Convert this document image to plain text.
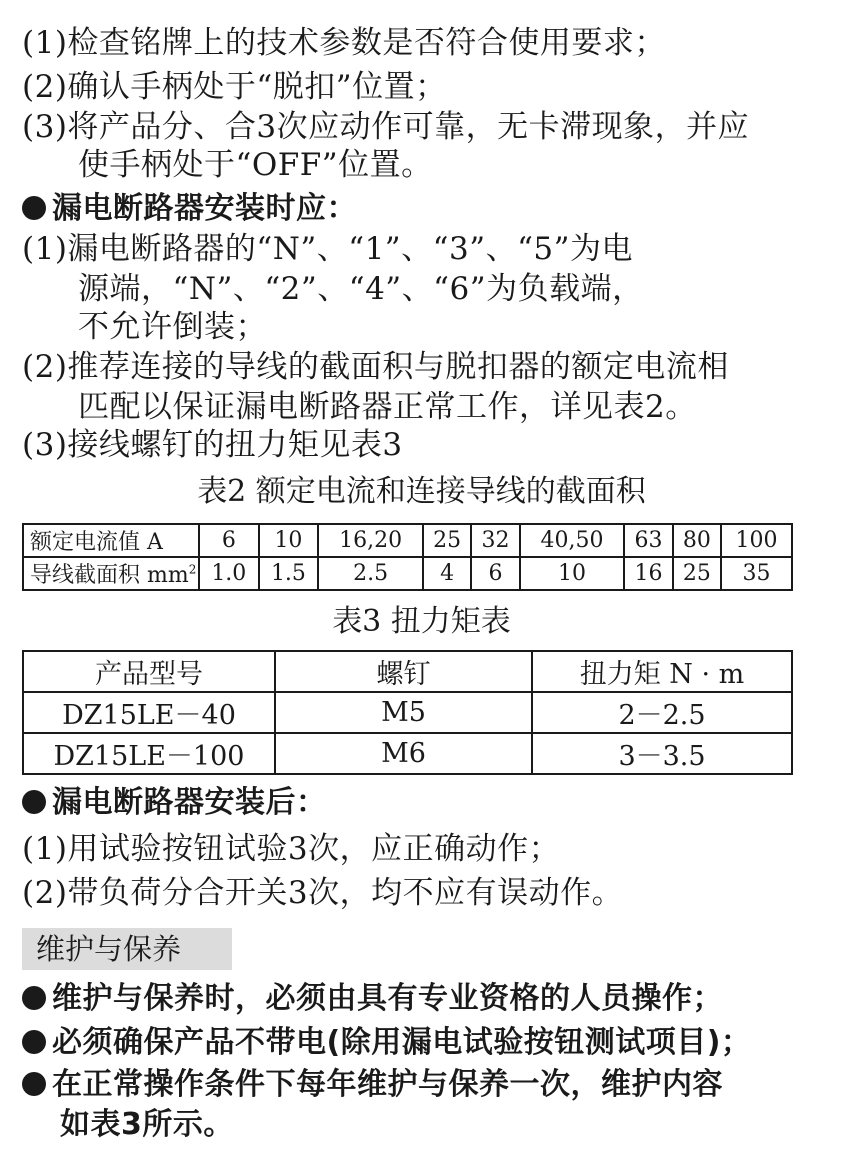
(1)检查铭牌上的技术参数是否符合使用要求；
(2)确认手柄处于“脱扣”位置；
(3)将产品分、合3次应动作可靠，无卡滞现象，并应
使手柄处于“OFF”位置。
漏电断路器安装时应：
(1)漏电断路器的“N”、“1”、“3”、“5”为电
源端，“N”、“2”、“4”、“6”为负载端，
不允许倒装；
(2)推荐连接的导线的截面积与脱扣器的额定电流相
匹配以保证漏电断路器正常工作，详见表2。
(3)接线螺钉的扭力矩见表3
表2 额定电流和连接导线的截面积
额定电流值 A	6	10	16,20	25	32	40,50	63	80	100
导线截面积 $mm^2$	1.0	1.5	2.5	4	6	10	16	25	35
表3 扭力矩表
产品型号	螺钉	扭力矩 N · m
DZ15LE－40	M5	2－2.5
DZ15LE－100	M6	3－3.5
漏电断路器安装后：
(1)用试验按钮试验3次，应正确动作；
(2)带负荷分合开关3次，均不应有误动作。
维护与保养
维护与保养时，必须由具有专业资格的人员操作；
必须确保产品不带电(除用漏电试验按钮测试项目)；
在正常操作条件下每年维护与保养一次，维护内容
如表3所示。
